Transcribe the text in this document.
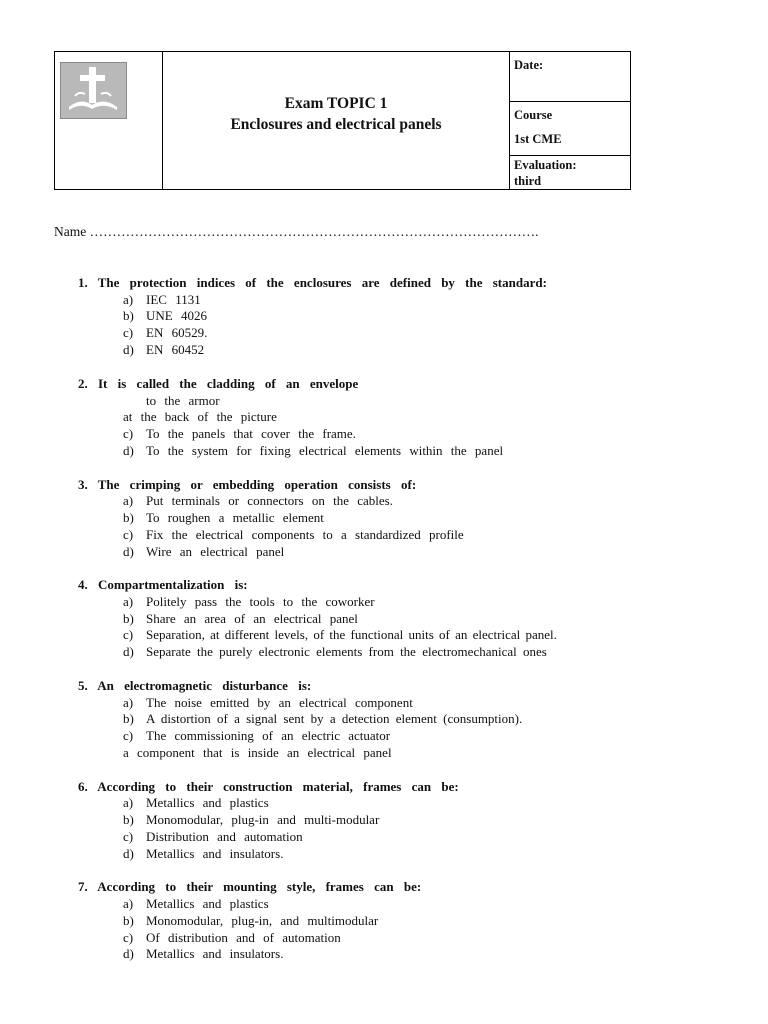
Exam TOPIC 1
Enclosures and electrical panels
Date:
Course
1st CME
Evaluation:
third
Name ……………………………………………………………………………………….
1. The protection indices of the enclosures are defined by the standard:
a) IEC 1131
b) UNE 4026
c) EN 60529.
d) EN 60452
2. It is called the cladding of an envelope
to the armor
at the back of the picture
c) To the panels that cover the frame.
d) To the system for fixing electrical elements within the panel
3. The crimping or embedding operation consists of:
a) Put terminals or connectors on the cables.
b) To roughen a metallic element
c) Fix the electrical components to a standardized profile
d) Wire an electrical panel
4. Compartmentalization is:
a) Politely pass the tools to the coworker
b) Share an area of an electrical panel
c) Separation, at different levels, of the functional units of an electrical panel.
d) Separate the purely electronic elements from the electromechanical ones
5. An electromagnetic disturbance is:
a) The noise emitted by an electrical component
b) A distortion of a signal sent by a detection element (consumption).
c) The commissioning of an electric actuator
a component that is inside an electrical panel
6. According to their construction material, frames can be:
a) Metallics and plastics
b) Monomodular, plug-in and multi-modular
c) Distribution and automation
d) Metallics and insulators.
7. According to their mounting style, frames can be:
a) Metallics and plastics
b) Monomodular, plug-in, and multimodular
c) Of distribution and of automation
d) Metallics and insulators.
